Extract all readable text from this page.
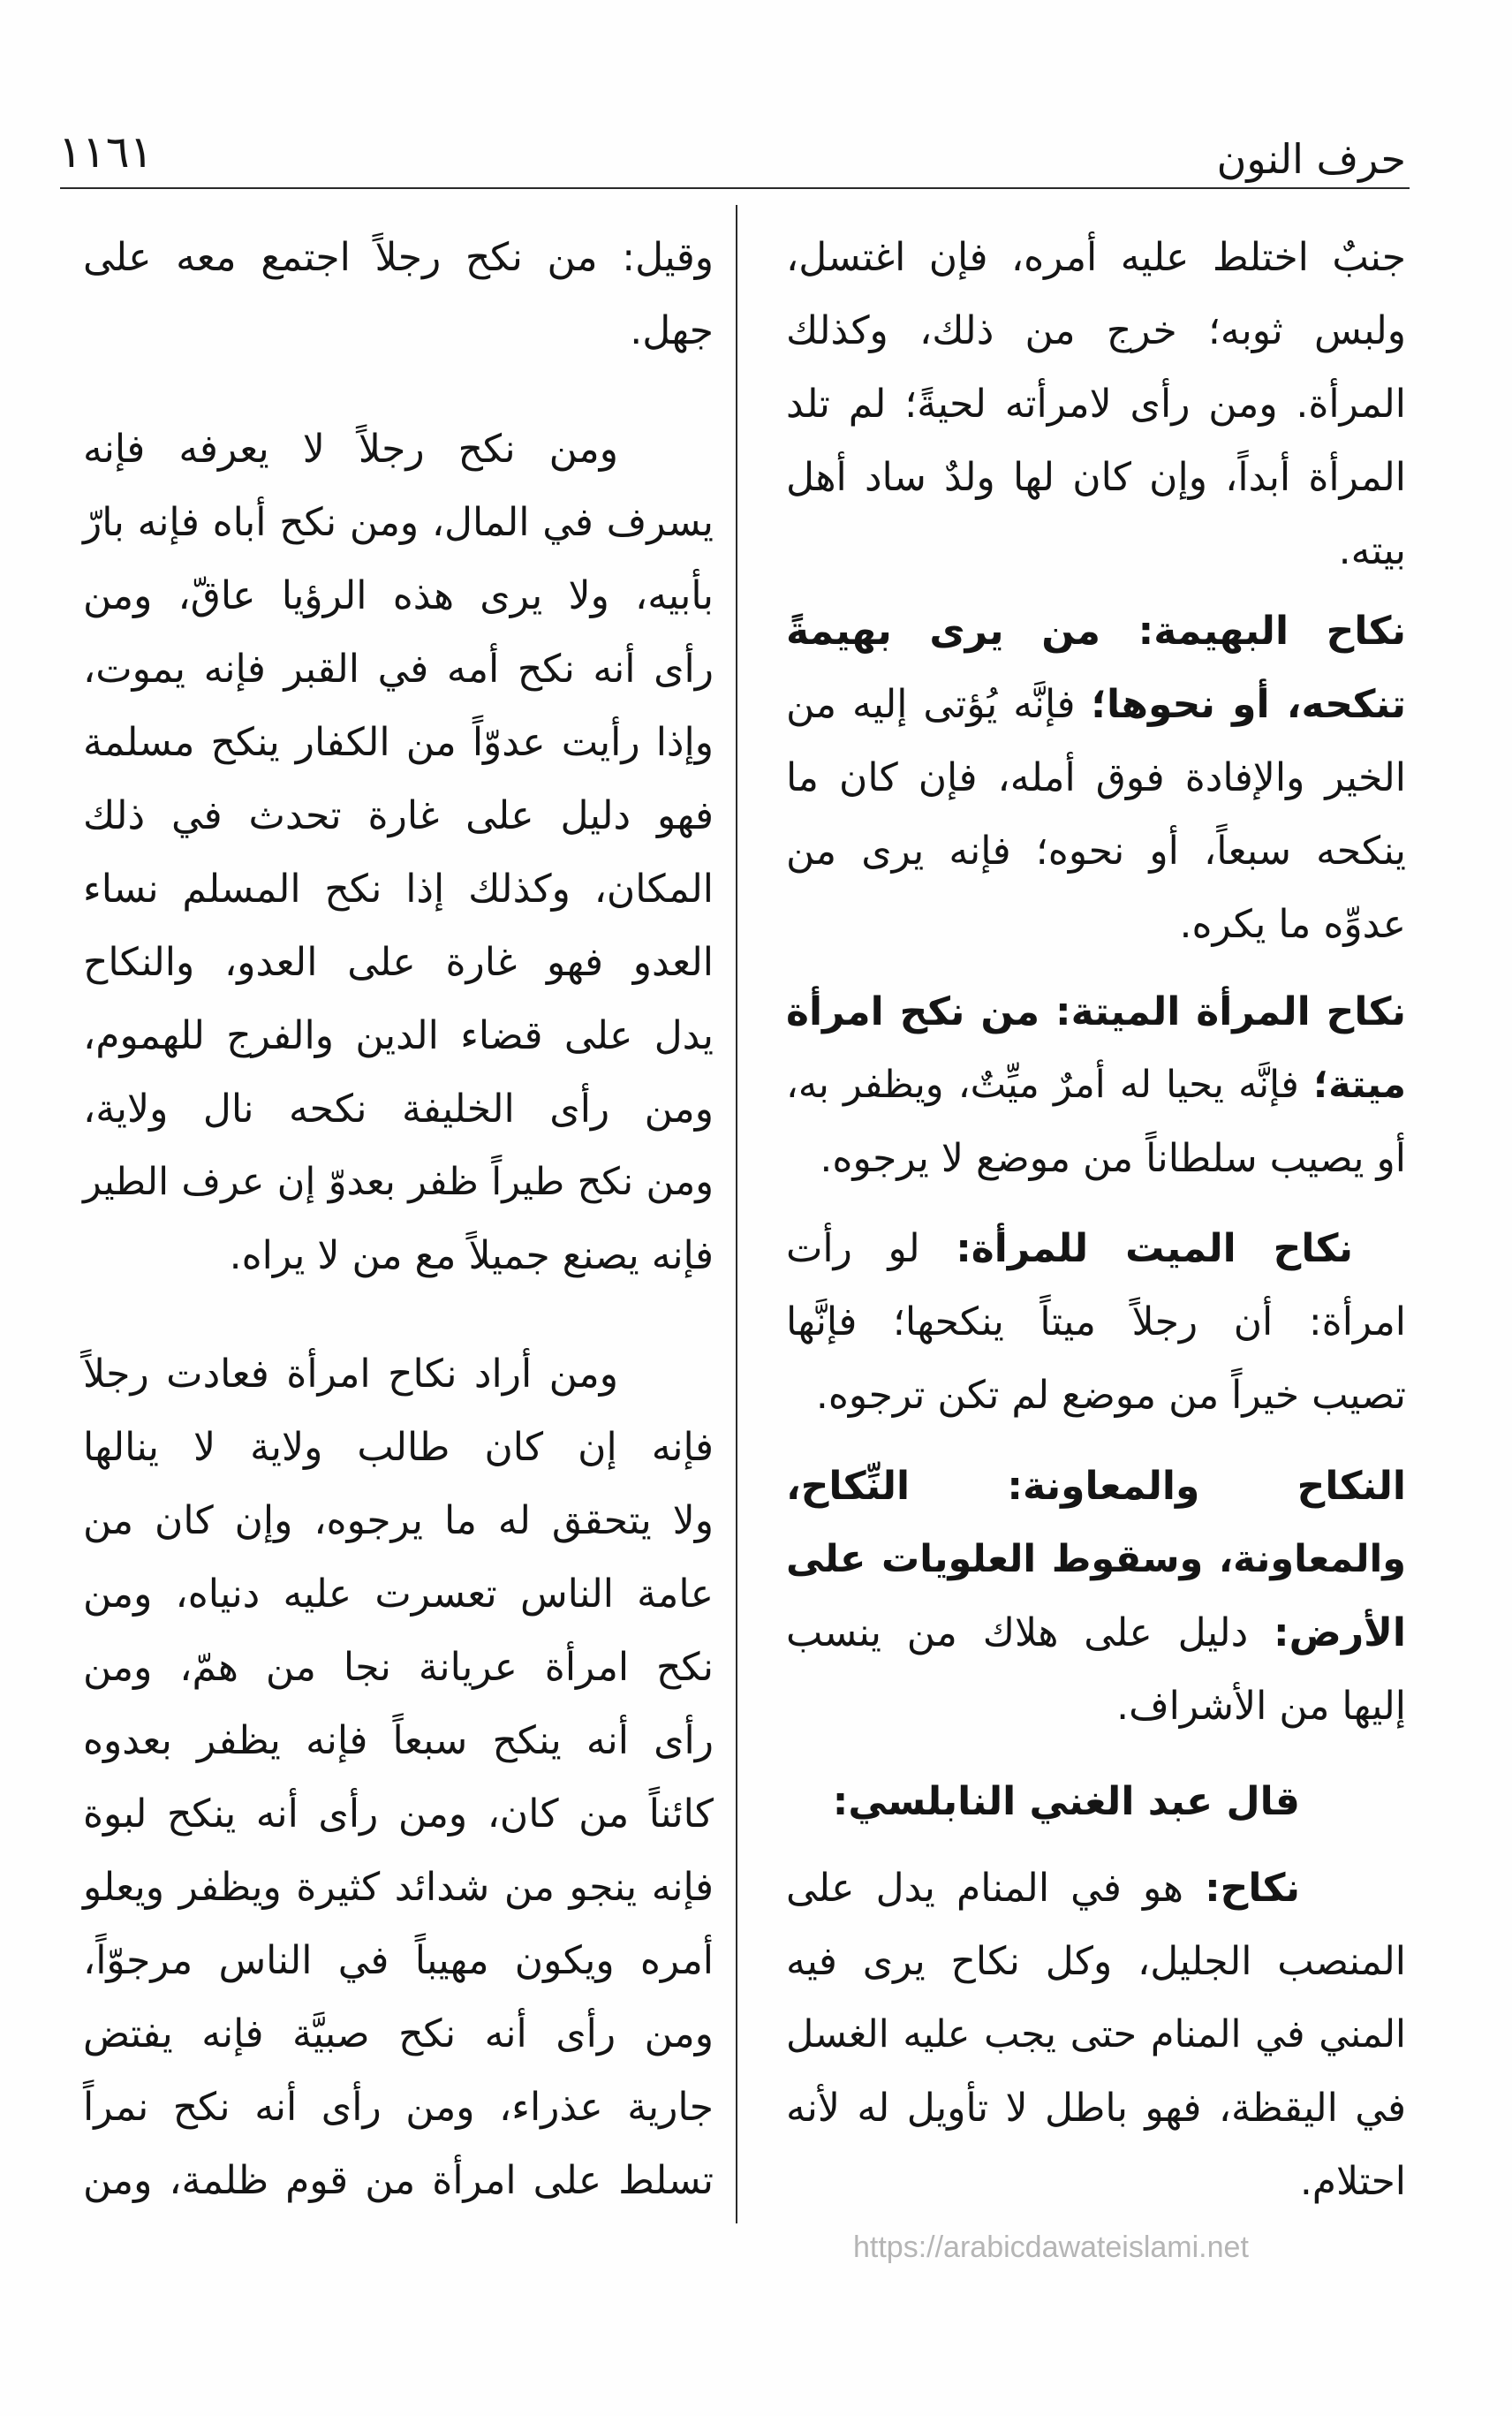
حرف النون
١١٦١
جنبٌ اختلط عليه أمره، فإن اغتسل،
ولبس ثوبه؛ خرج من ذلك، وكذلك
المرأة. ومن رأى لامرأته لحيةً؛ لم تلد
المرأة أبداً، وإن كان لها ولدٌ ساد أهل
بيته.
نكاح البهيمة: من يرى بهيمةً
تنكحه، أو نحوها؛ فإنَّه يُؤتى إليه من
الخير والإفادة فوق أمله، فإن كان ما
ينكحه سبعاً، أو نحوه؛ فإنه يرى من
عدوِّه ما يكره.
نكاح المرأة الميتة: من نكح امرأة
ميتة؛ فإنَّه يحيا له أمرٌ ميِّتٌ، ويظفر به،
أو يصيب سلطاناً من موضع لا يرجوه.
نكاح الميت للمرأة: لو رأت
امرأة: أن رجلاً ميتاً ينكحها؛ فإنَّها
تصيب خيراً من موضع لم تكن ترجوه.
النكاح والمعاونة: النِّكاح،
والمعاونة، وسقوط العلويات على
الأرض: دليل على هلاك من ينسب
إليها من الأشراف.
قال عبد الغني النابلسي:
نكاح: هو في المنام يدل على
المنصب الجليل، وكل نكاح يرى فيه
المني في المنام حتى يجب عليه الغسل
في اليقظة، فهو باطل لا تأويل له لأنه
احتلام.
وقيل: من نكح رجلاً اجتمع معه على
جهل.
ومن نكح رجلاً لا يعرفه فإنه
يسرف في المال، ومن نكح أباه فإنه بارّ
بأبيه، ولا يرى هذه الرؤيا عاقّ، ومن
رأى أنه نكح أمه في القبر فإنه يموت،
وإذا رأيت عدوّاً من الكفار ينكح مسلمة
فهو دليل على غارة تحدث في ذلك
المكان، وكذلك إذا نكح المسلم نساء
العدو فهو غارة على العدو، والنكاح
يدل على قضاء الدين والفرج للهموم،
ومن رأى الخليفة نكحه نال ولاية،
ومن نكح طيراً ظفر بعدوّ إن عرف الطير
فإنه يصنع جميلاً مع من لا يراه.
ومن أراد نكاح امرأة فعادت رجلاً
فإنه إن كان طالب ولاية لا ينالها
ولا يتحقق له ما يرجوه، وإن كان من
عامة الناس تعسرت عليه دنياه، ومن
نكح امرأة عريانة نجا من همّ، ومن
رأى أنه ينكح سبعاً فإنه يظفر بعدوه
كائناً من كان، ومن رأى أنه ينكح لبوة
فإنه ينجو من شدائد كثيرة ويظفر ويعلو
أمره ويكون مهيباً في الناس مرجوّاً،
ومن رأى أنه نكح صبيَّة فإنه يفتض
جارية عذراء، ومن رأى أنه نكح نمراً
تسلط على امرأة من قوم ظلمة، ومن
https://arabicdawateislami.net
